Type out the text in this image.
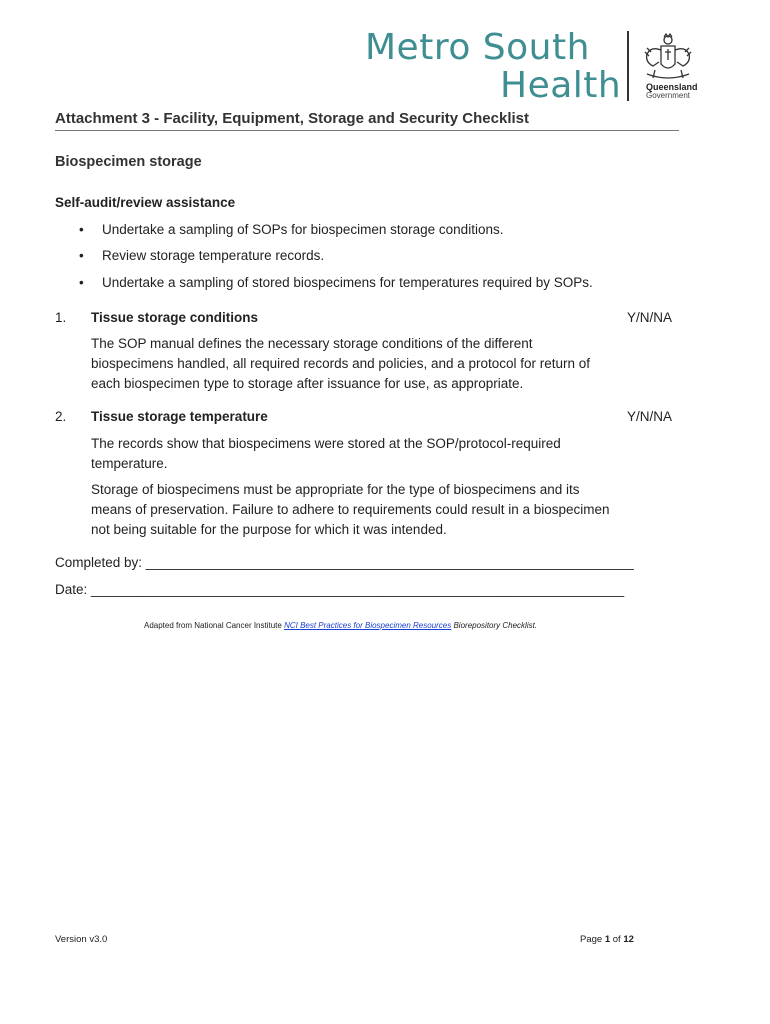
Metro South
Health	Queensland
Government
Attachment 3 - Facility, Equipment, Storage and Security Checklist
Biospecimen storage
Self-audit/review assistance
• Undertake a sampling of SOPs for biospecimen storage conditions.
• Review storage temperature records.
• Undertake a sampling of stored biospecimens for temperatures required by SOPs.
1. Tissue storage conditions	Y/N/NA
The SOP manual defines the necessary storage conditions of the different biospecimens handled, all required records and policies, and a protocol for return of each biospecimen type to storage after issuance for use, as appropriate.
2. Tissue storage temperature	Y/N/NA
The records show that biospecimens were stored at the SOP/protocol-required temperature.
Storage of biospecimens must be appropriate for the type of biospecimens and its means of preservation. Failure to adhere to requirements could result in a biospecimen not being suitable for the purpose for which it was intended.
Completed by: _________________________________________________________________
Date: _______________________________________________________________________
Adapted from National Cancer Institute NCI Best Practices for Biospecimen Resources Biorepository Checklist.
Version v3.0	Page 1 of 12
